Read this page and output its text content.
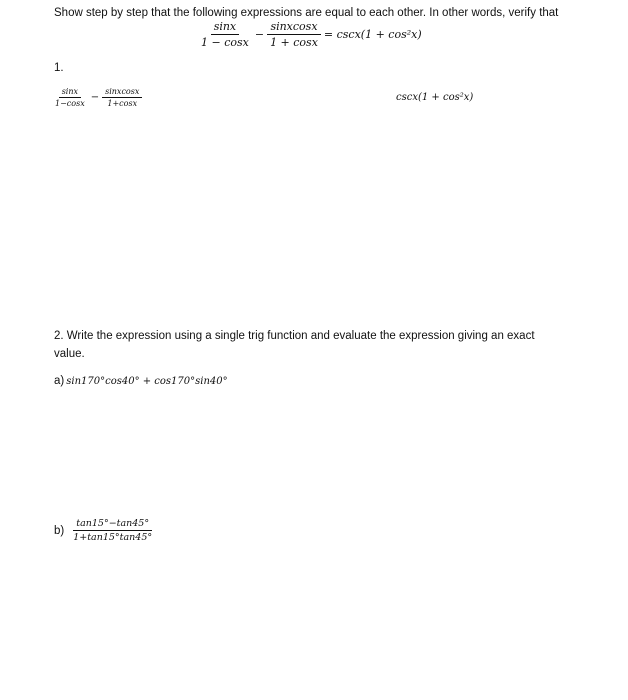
Show step by step that the following expressions are equal to each other. In other words, verify that
$\frac{\sin x}{1 - \cos x} - \frac{\text{sinxcosx}}{1 + \cos x} = \csc x(1 + \cos^2x)$
1.
$\frac{\sin x}{1-\cos x} - \frac{\text{sinxcosx}}{1+\cos x}$	cscx(1 + cos²x)
2. Write the expression using a single trig function and evaluate the expression giving an exact
value.
a) sin170°cos40° + cos170°sin40°
$b) \frac{\tan 15^\circ-\tan 45^\circ}{1+\tan 15^\circ\tan 45^\circ}$
